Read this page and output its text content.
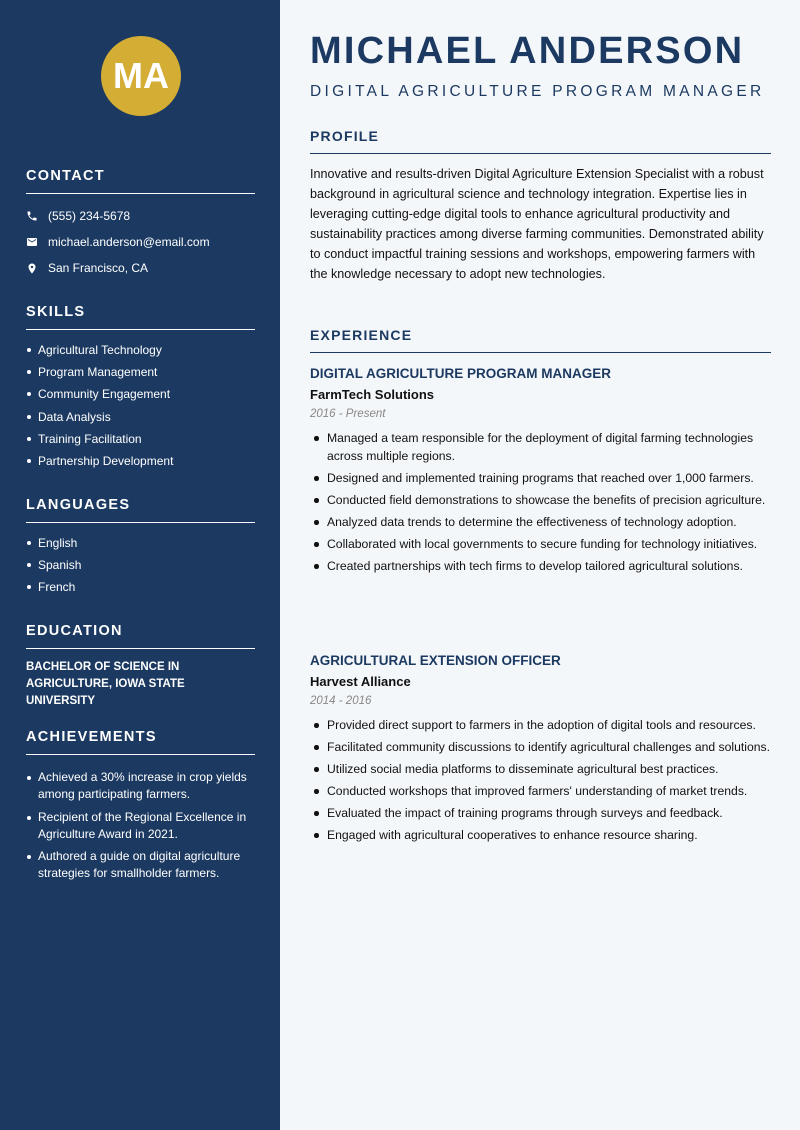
MA
CONTACT
(555) 234-5678
michael.anderson@email.com
San Francisco, CA
SKILLS
Agricultural Technology
Program Management
Community Engagement
Data Analysis
Training Facilitation
Partnership Development
LANGUAGES
English
Spanish
French
EDUCATION
BACHELOR OF SCIENCE IN AGRICULTURE, IOWA STATE UNIVERSITY
ACHIEVEMENTS
Achieved a 30% increase in crop yields among participating farmers.
Recipient of the Regional Excellence in Agriculture Award in 2021.
Authored a guide on digital agriculture strategies for smallholder farmers.
MICHAEL ANDERSON
DIGITAL AGRICULTURE PROGRAM MANAGER
PROFILE

Innovative and results-driven Digital Agriculture Extension Specialist with a robust background in agricultural science and technology integration. Expertise lies in leveraging cutting-edge digital tools to enhance agricultural productivity and sustainability practices among diverse farming communities. Demonstrated ability to conduct impactful training sessions and workshops, empowering farmers with the knowledge necessary to adopt new technologies.

EXPERIENCE
DIGITAL AGRICULTURE PROGRAM MANAGER
FarmTech Solutions
2016 - Present
Managed a team responsible for the deployment of digital farming technologies across multiple regions.
Designed and implemented training programs that reached over 1,000 farmers.
Conducted field demonstrations to showcase the benefits of precision agriculture.
Analyzed data trends to determine the effectiveness of technology adoption.
Collaborated with local governments to secure funding for technology initiatives.
Created partnerships with tech firms to develop tailored agricultural solutions.
AGRICULTURAL EXTENSION OFFICER
Harvest Alliance
2014 - 2016
Provided direct support to farmers in the adoption of digital tools and resources.
Facilitated community discussions to identify agricultural challenges and solutions.
Utilized social media platforms to disseminate agricultural best practices.
Conducted workshops that improved farmers' understanding of market trends.
Evaluated the impact of training programs through surveys and feedback.
Engaged with agricultural cooperatives to enhance resource sharing.
